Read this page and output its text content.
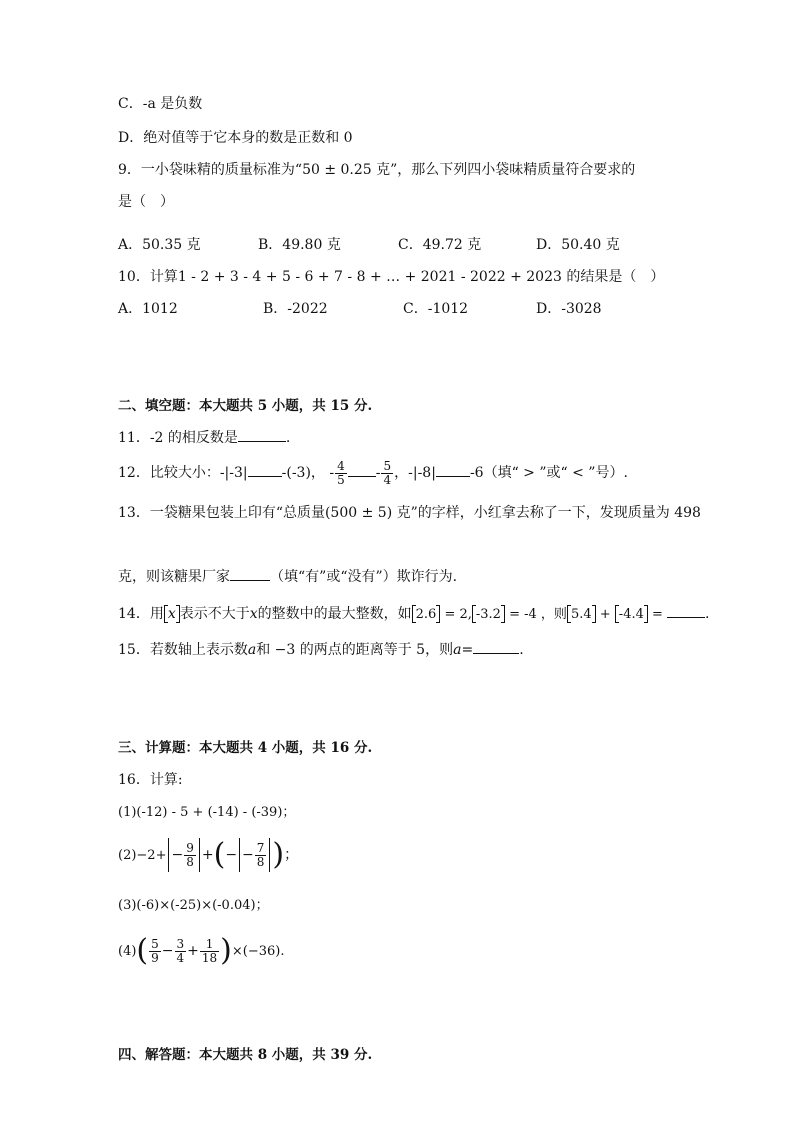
C．-a 是负数
D．绝对值等于它本身的数是正数和 0
9．一小袋味精的质量标准为“50 ± 0.25 克”，那么下列四小袋味精质量符合要求的
是（　）
A．50.35 克	B．49.80 克	C．49.72 克	D．50.40 克
10．计算1 - 2 + 3 - 4 + 5 - 6 + 7 - 8 + … + 2021 - 2022 + 2023 的结果是（　）
A．1012	B．-2022	C．-1012	D．-3028
二、填空题：本大题共 5 小题，共 15 分.
11．-2 的相反数是	.
12．比较大小：-|-3| -(-3)， - $\frac{4}{5} - \frac{5}{4}$ ，-|-8| -6（填“ > ”或“ < ”号）.
13．一袋糖果包装上印有“总质量(500 ± 5) 克”的字样，小红拿去称了一下，发现质量为 498
克，则该糖果厂家	（填“有”或“没有”）欺诈行为.
14．用 x 表示不大于x的整数中的最大整数，如 2.6 = 2, -3.2 = -4 ，则 5.4 + -4.4 =	.
15．若数轴上表示数a和 −3 的两点的距离等于 5，则a=	.
三、计算题：本大题共 4 小题，共 16 分.
16．计算:
(1)(-12) - 5 + (-14) - (-39)；
$(2)-2+ - \frac{9}{8}$ +(− − $\frac{7}{8}$ )；
(3)(-6)×(-25)×(-0.04)；
$(4)( \frac{5}{9} - \frac{3}{4} + \frac{1}{18} )\times(-36)$.
四、解答题：本大题共 8 小题，共 39 分.
